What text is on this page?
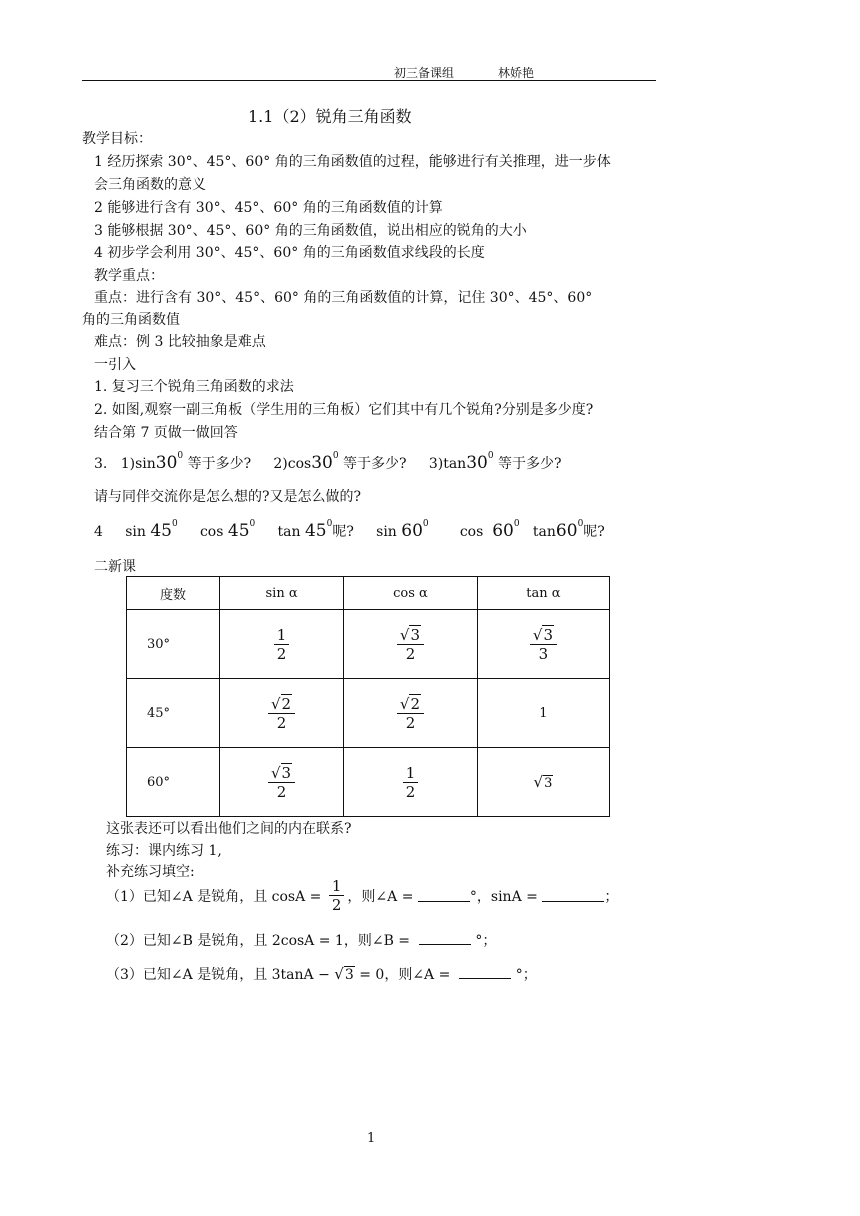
初三备课组	林娇艳
1.1（2）锐角三角函数
教学目标：
1 经历探索 30°、45°、60° 角的三角函数值的过程，能够进行有关推理，进一步体
会三角函数的意义
2 能够进行含有 30°、45°、60° 角的三角函数值的计算
3 能够根据 30°、45°、60° 角的三角函数值，说出相应的锐角的大小
4 初步学会利用 30°、45°、60° 角的三角函数值求线段的长度
教学重点：
重点：进行含有 30°、45°、60° 角的三角函数值的计算，记住 30°、45°、60°
角的三角函数值
难点：例 3 比较抽象是难点
一引入
1. 复习三个锐角三角函数的求法
2. 如图,观察一副三角板（学生用的三角板）它们其中有几个锐角?分别是多少度?
结合第 7 页做一做回答
3. $1)\sin 30^0$ 等于多少? $2)\cos 30^0$ 等于多少? $3)\tan 30^0$ 等于多少?
请与同伴交流你是怎么想的?又是怎么做的?
4 $\sin 45^0$ $\cos 45^0$ $\tan 45^0$呢? $\sin 60^0$ $\cos 60^0$ $\tan 60^0$呢?
二新课
度数	sin α	cos α	tan α
30°	$\frac{1}{2}$	$\frac{√3}{2}$	$\frac{√3}{3}$

45°	$\frac{√2}{2}$	$\frac{√2}{2}$	1
60°	$\frac{√3}{2}$	$\frac{1}{2}$	√3
这张表还可以看出他们之间的内在联系?
练习：课内练习 1,
补充练习填空:
（1）已知∠A 是锐角，且 cosA =
$\frac{1}{2}$ ，则∠A =
	°，sinA =
	；
（2）已知∠B 是锐角，且 2cosA = 1，则∠B =	°；
（3）已知∠A 是锐角，且 3tanA − √3 = 0，则∠A =	°；
1
